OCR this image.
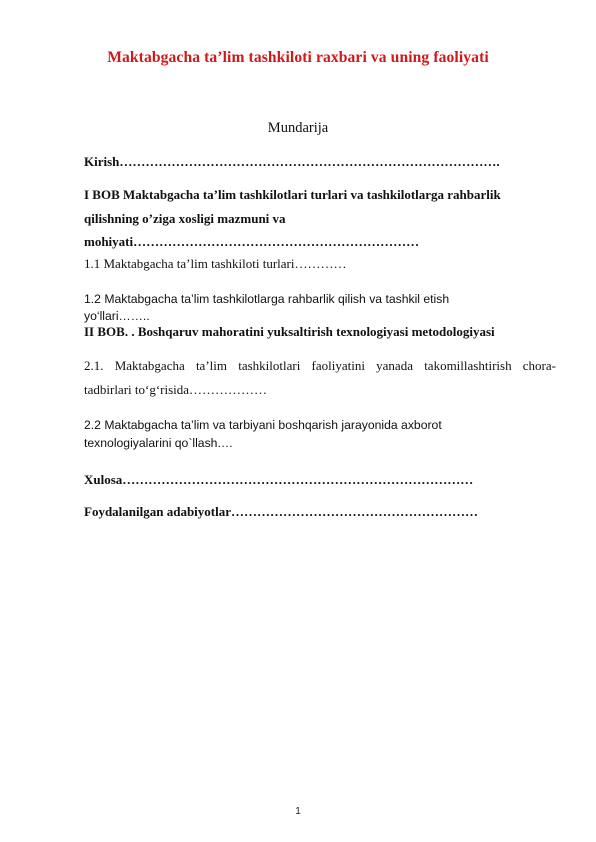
Maktabgacha ta’lim tashkiloti raxbari va uning faoliyati
Mundarija
Kirish…………………………………………………………………………….
I BOB Maktabgacha ta’lim tashkilotlari turlari va tashkilotlarga rahbarlik
qilishning o’ziga xosligi mazmuni va
mohiyati…………………………………………………………
1.1 Maktabgacha ta’lim tashkiloti turlari…………
1.2 Maktabgacha ta’lim tashkilotlarga rahbarlik qilish va tashkil etish
yo‘llari……..
II BOB. . Boshqaruv mahoratini yuksaltirish texnologiyasi metodologiyasi
2.1. Maktabgacha ta’lim tashkilotlari faoliyatini yanada takomillashtirish chora-
tadbirlari to‘g‘risida………………
2.2 Maktabgacha ta’lim va tarbiyani boshqarish jarayonida axborot
texnologiyalarini qo`llash.…
Xulosa………………………………………………………………………
Foydalanilgan adabiyotlar…………………………………………………
1
